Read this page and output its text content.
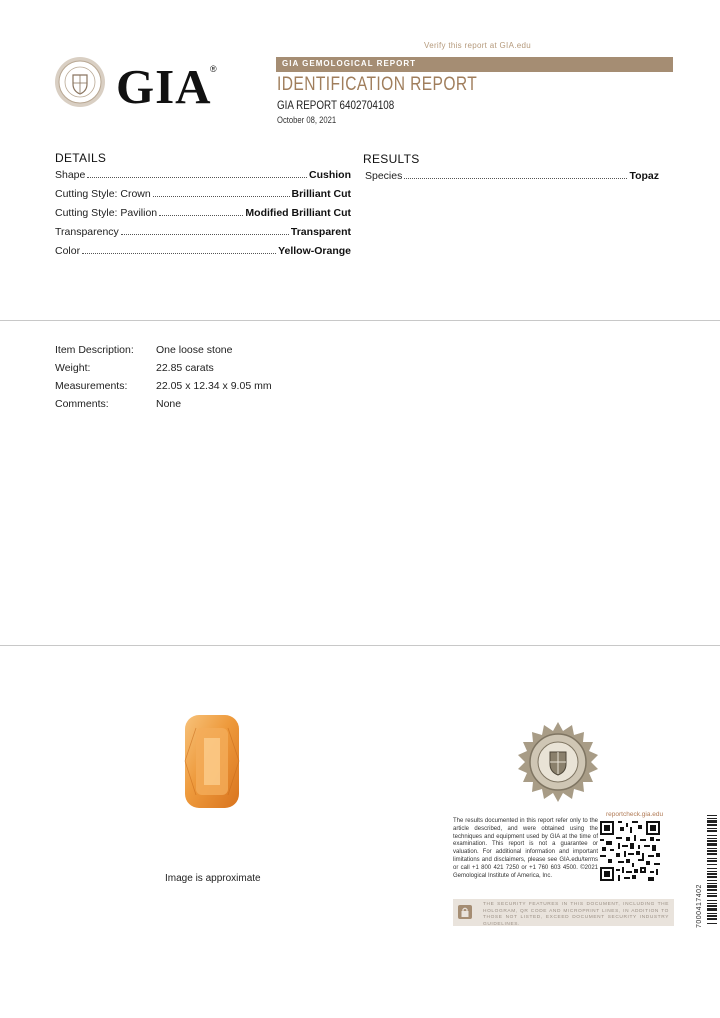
Verify this report at GIA.edu
GIA GEMOLOGICAL REPORT
IDENTIFICATION REPORT
GIA REPORT 6402704108
October 08, 2021
GIA
®
DETAILS
Shape	Cushion
Cutting Style: Crown	Brilliant Cut
Cutting Style: Pavilion	Modified Brilliant Cut
Transparency	Transparent
Color	Yellow-Orange
RESULTS
Species	Topaz
Item Description:	One loose stone
Weight:	22.85 carats
Measurements:	22.05 x 12.34 x 9.05 mm
Comments:	None
Image is approximate
The results documented in this report refer only to the article described, and were obtained using the techniques and equipment used by GIA at the time of examination. This report is not a guarantee or valuation. For additional information and important limitations and disclaimers, please see GIA.edu/terms or call +1 800 421 7250 or +1 760 603 4500. ©2021 Gemological Institute of America, Inc.
reportcheck.gia.edu
THE SECURITY FEATURES IN THIS DOCUMENT, INCLUDING THE HOLOGRAM, QR CODE AND MICROPRINT LINES, IN ADDITION TO THOSE NOT LISTED, EXCEED DOCUMENT SECURITY INDUSTRY GUIDELINES.	7000417402
